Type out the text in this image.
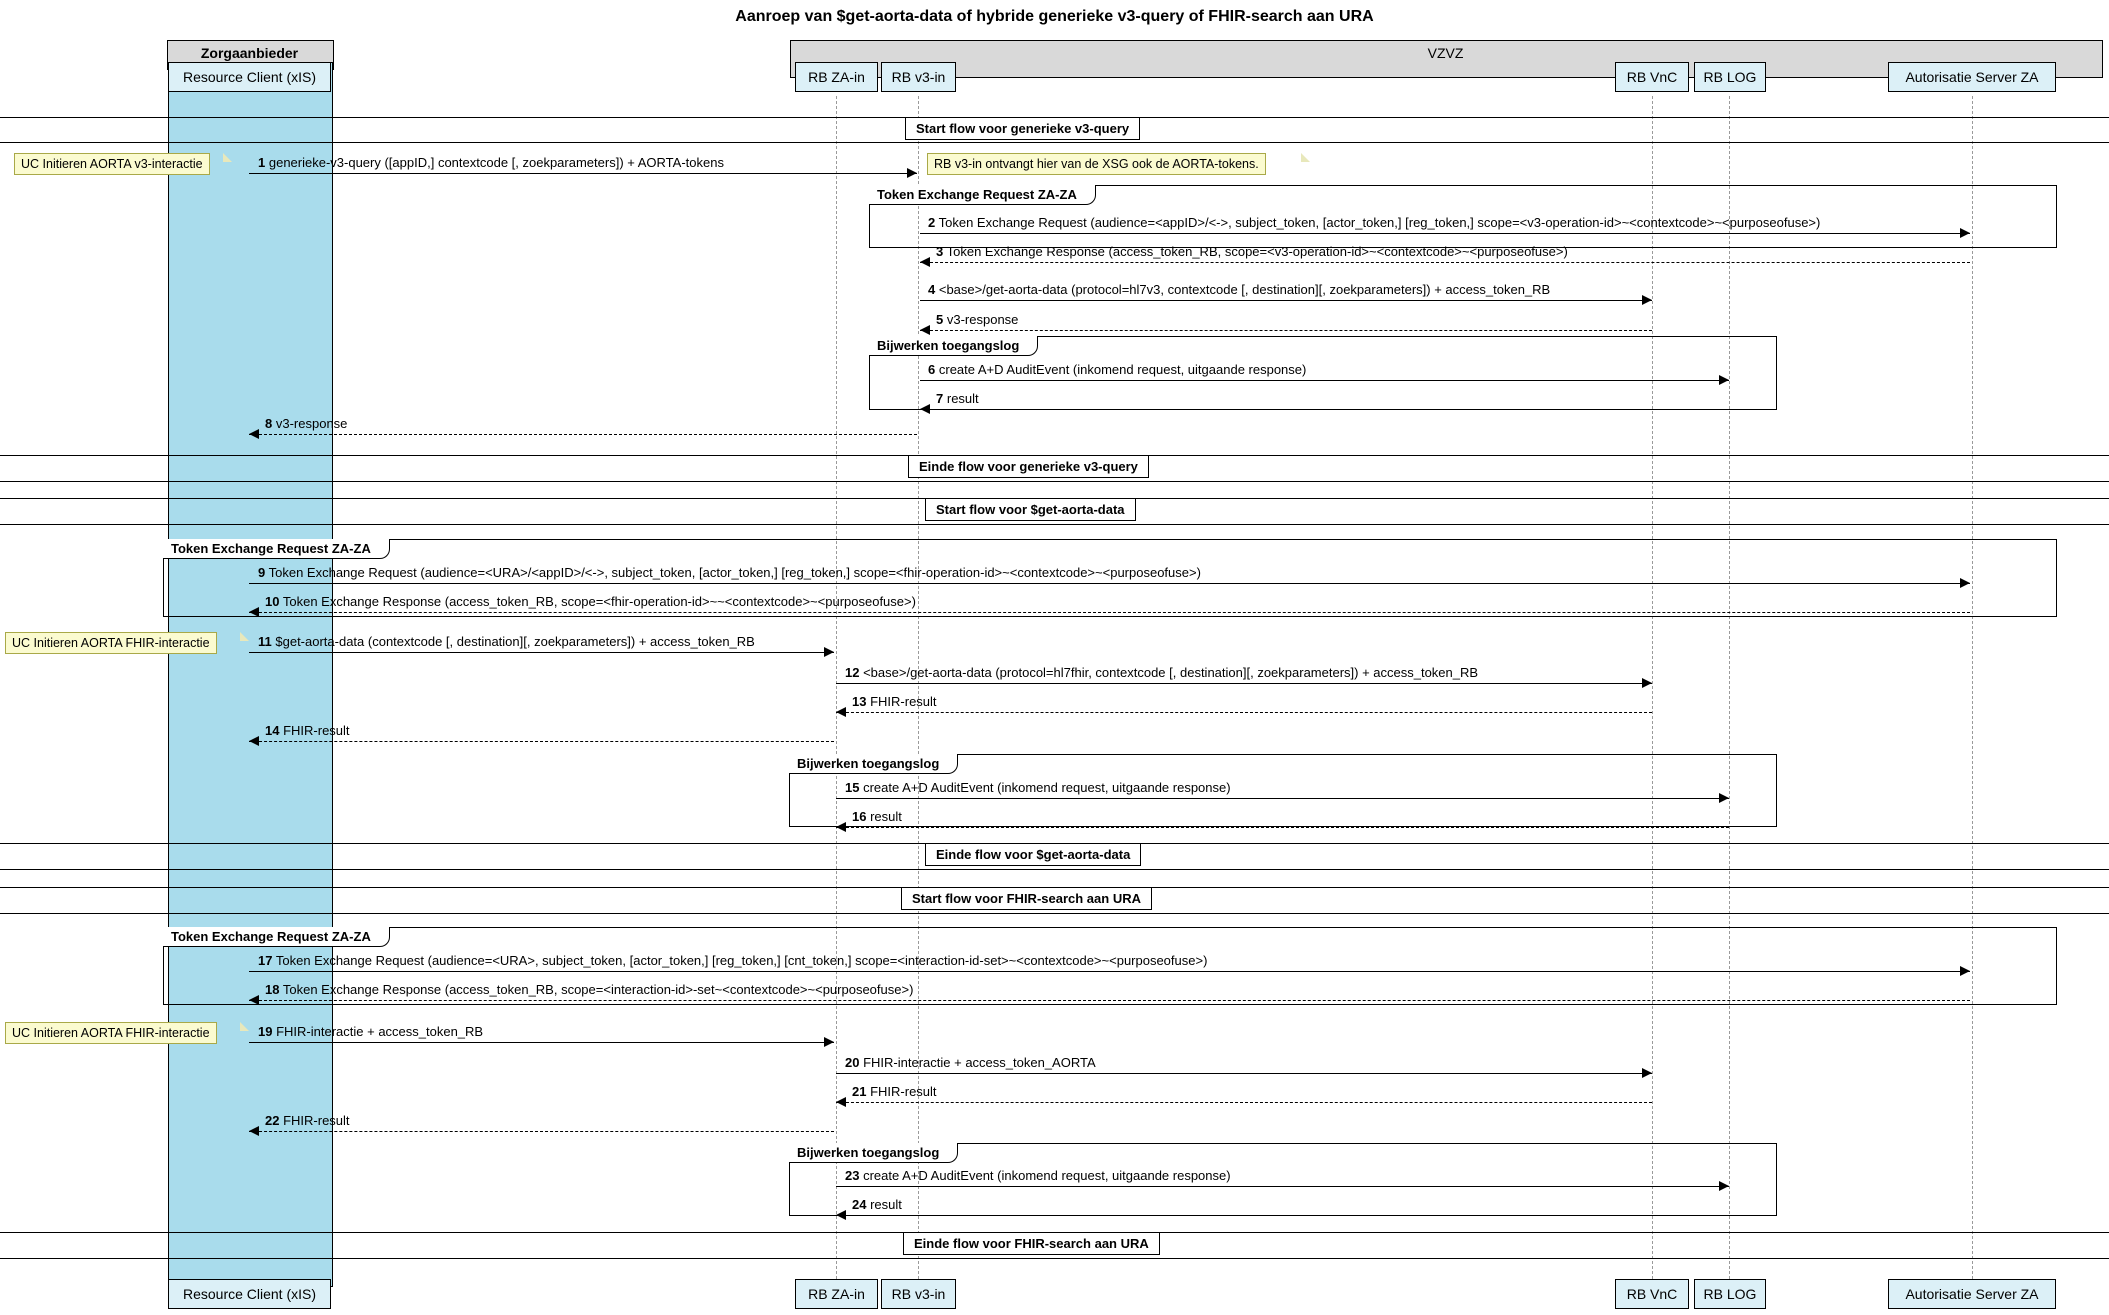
Aanroep van $get-aorta-data of hybride generieke v3-query of FHIR-search aan URA
Zorgaanbieder	VZVZ
Resource Client (xIS)	RB ZA-in RB v3-in	RB VnC RB LOG	Autorisatie Server ZA
Resource Client (xIS)	RB ZA-in RB v3-in	RB VnC RB LOG	Autorisatie Server ZA
Start flow voor generieke v3-query
UC Initieren AORTA v3-interactie	1 generieke-v3-query ([appID,] contextcode [, zoekparameters]) + AORTA-tokens	RB v3-in ontvangt hier van de XSG ook de AORTA-tokens.
Token Exchange Request ZA-ZA
2 Token Exchange Request (audience=<appID>/<->, subject_token, [actor_token,] [reg_token,] scope=<v3-operation-id>~<contextcode>~<purposeofuse>)
3 Token Exchange Response (access_token_RB, scope=<v3-operation-id>~<contextcode>~<purposeofuse>)
4 <base>/get-aorta-data (protocol=hl7v3, contextcode [, destination][, zoekparameters]) + access_token_RB
5 v3-response
Bijwerken toegangslog
6 create A+D AuditEvent (inkomend request, uitgaande response)
7 result
8 v3-response
Einde flow voor generieke v3-query
Start flow voor $get-aorta-data
Token Exchange Request ZA-ZA
9 Token Exchange Request (audience=<URA>/<appID>/<->, subject_token, [actor_token,] [reg_token,] scope=<fhir-operation-id>~<contextcode>~<purposeofuse>)
10 Token Exchange Response (access_token_RB, scope=<fhir-operation-id>~~<contextcode>~<purposeofuse>)
UC Initieren AORTA FHIR-interactie	11 $get-aorta-data (contextcode [, destination][, zoekparameters]) + access_token_RB
12 <base>/get-aorta-data (protocol=hl7fhir, contextcode [, destination][, zoekparameters]) + access_token_RB
13 FHIR-result
14 FHIR-result
Bijwerken toegangslog
15 create A+D AuditEvent (inkomend request, uitgaande response)
16 result
Einde flow voor $get-aorta-data
Start flow voor FHIR-search aan URA
Token Exchange Request ZA-ZA
17 Token Exchange Request (audience=<URA>, subject_token, [actor_token,] [reg_token,] [cnt_token,] scope=<interaction-id-set>~<contextcode>~<purposeofuse>)
18 Token Exchange Response (access_token_RB, scope=<interaction-id>-set~<contextcode>~<purposeofuse>)
UC Initieren AORTA FHIR-interactie	19 FHIR-interactie + access_token_RB
20 FHIR-interactie + access_token_AORTA
21 FHIR-result
22 FHIR-result
Bijwerken toegangslog
23 create A+D AuditEvent (inkomend request, uitgaande response)
24 result
Einde flow voor FHIR-search aan URA
